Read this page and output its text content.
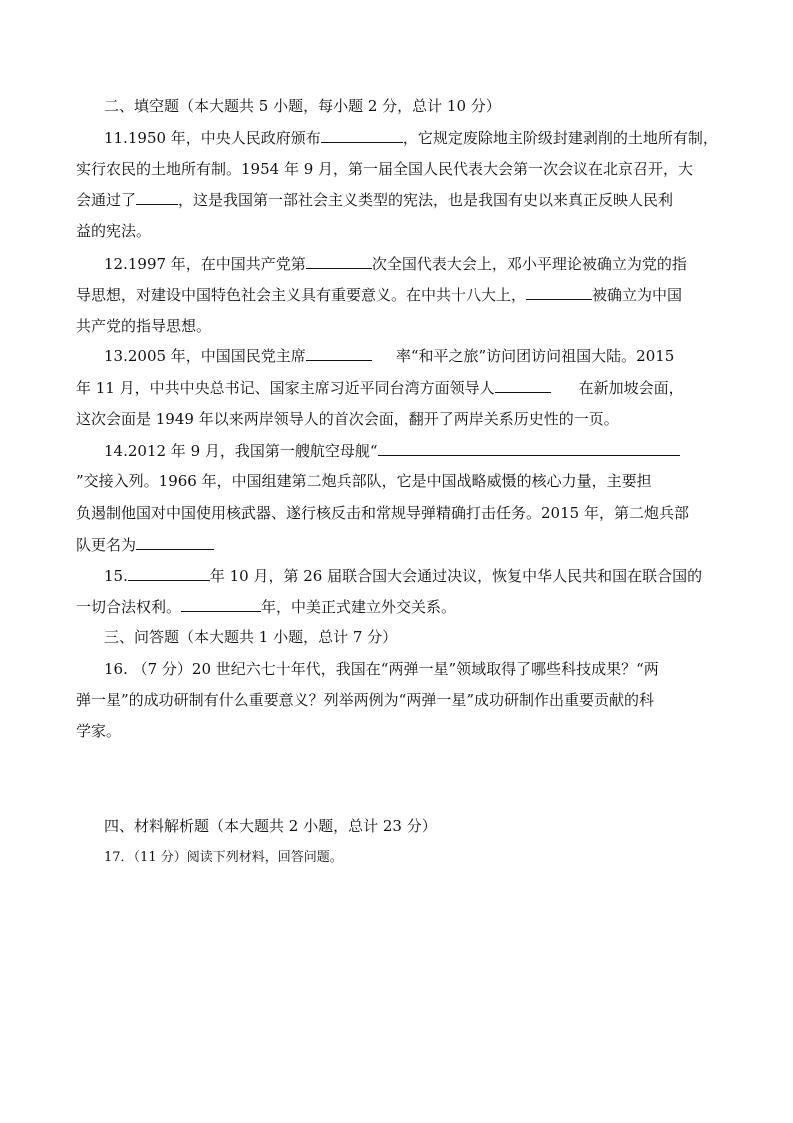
二、填空题（本大题共 5 小题，每小题 2 分，总计 10 分）
11.1950 年，中央人民政府颁布	，它规定废除地主阶级封建剥削的土地所有制，
实行农民的土地所有制。1954 年 9 月，第一届全国人民代表大会第一次会议在北京召开，大
会通过了	，这是我国第一部社会主义类型的宪法，也是我国有史以来真正反映人民利
益的宪法。
12.1997 年，在中国共产党第	次全国代表大会上，邓小平理论被确立为党的指
导思想，对建设中国特色社会主义具有重要意义。在中共十八大上，	被确立为中国
共产党的指导思想。
13.2005 年，中国国民党主席	率“和平之旅”访问团访问祖国大陆。2015
年 11 月，中共中央总书记、国家主席习近平同台湾方面领导人	在新加坡会面，
这次会面是 1949 年以来两岸领导人的首次会面，翻开了两岸关系历史性的一页。
14.2012 年 9 月，我国第一艘航空母舰“
”交接入列。1966 年，中国组建第二炮兵部队，它是中国战略威慑的核心力量，主要担
负遏制他国对中国使用核武器、遂行核反击和常规导弹精确打击任务。2015 年，第二炮兵部
队更名为
15.	年 10 月，第 26 届联合国大会通过决议，恢复中华人民共和国在联合国的
一切合法权利。	年，中美正式建立外交关系。
三、问答题（本大题共 1 小题，总计 7 分）
16. （7 分）20 世纪六七十年代，我国在“两弹一星”领域取得了哪些科技成果？“两
弹一星”的成功研制有什么重要意义？列举两例为“两弹一星”成功研制作出重要贡献的科
学家。
四、材料解析题（本大题共 2 小题，总计 23 分）
17．（11 分）阅读下列材料，回答问题。
